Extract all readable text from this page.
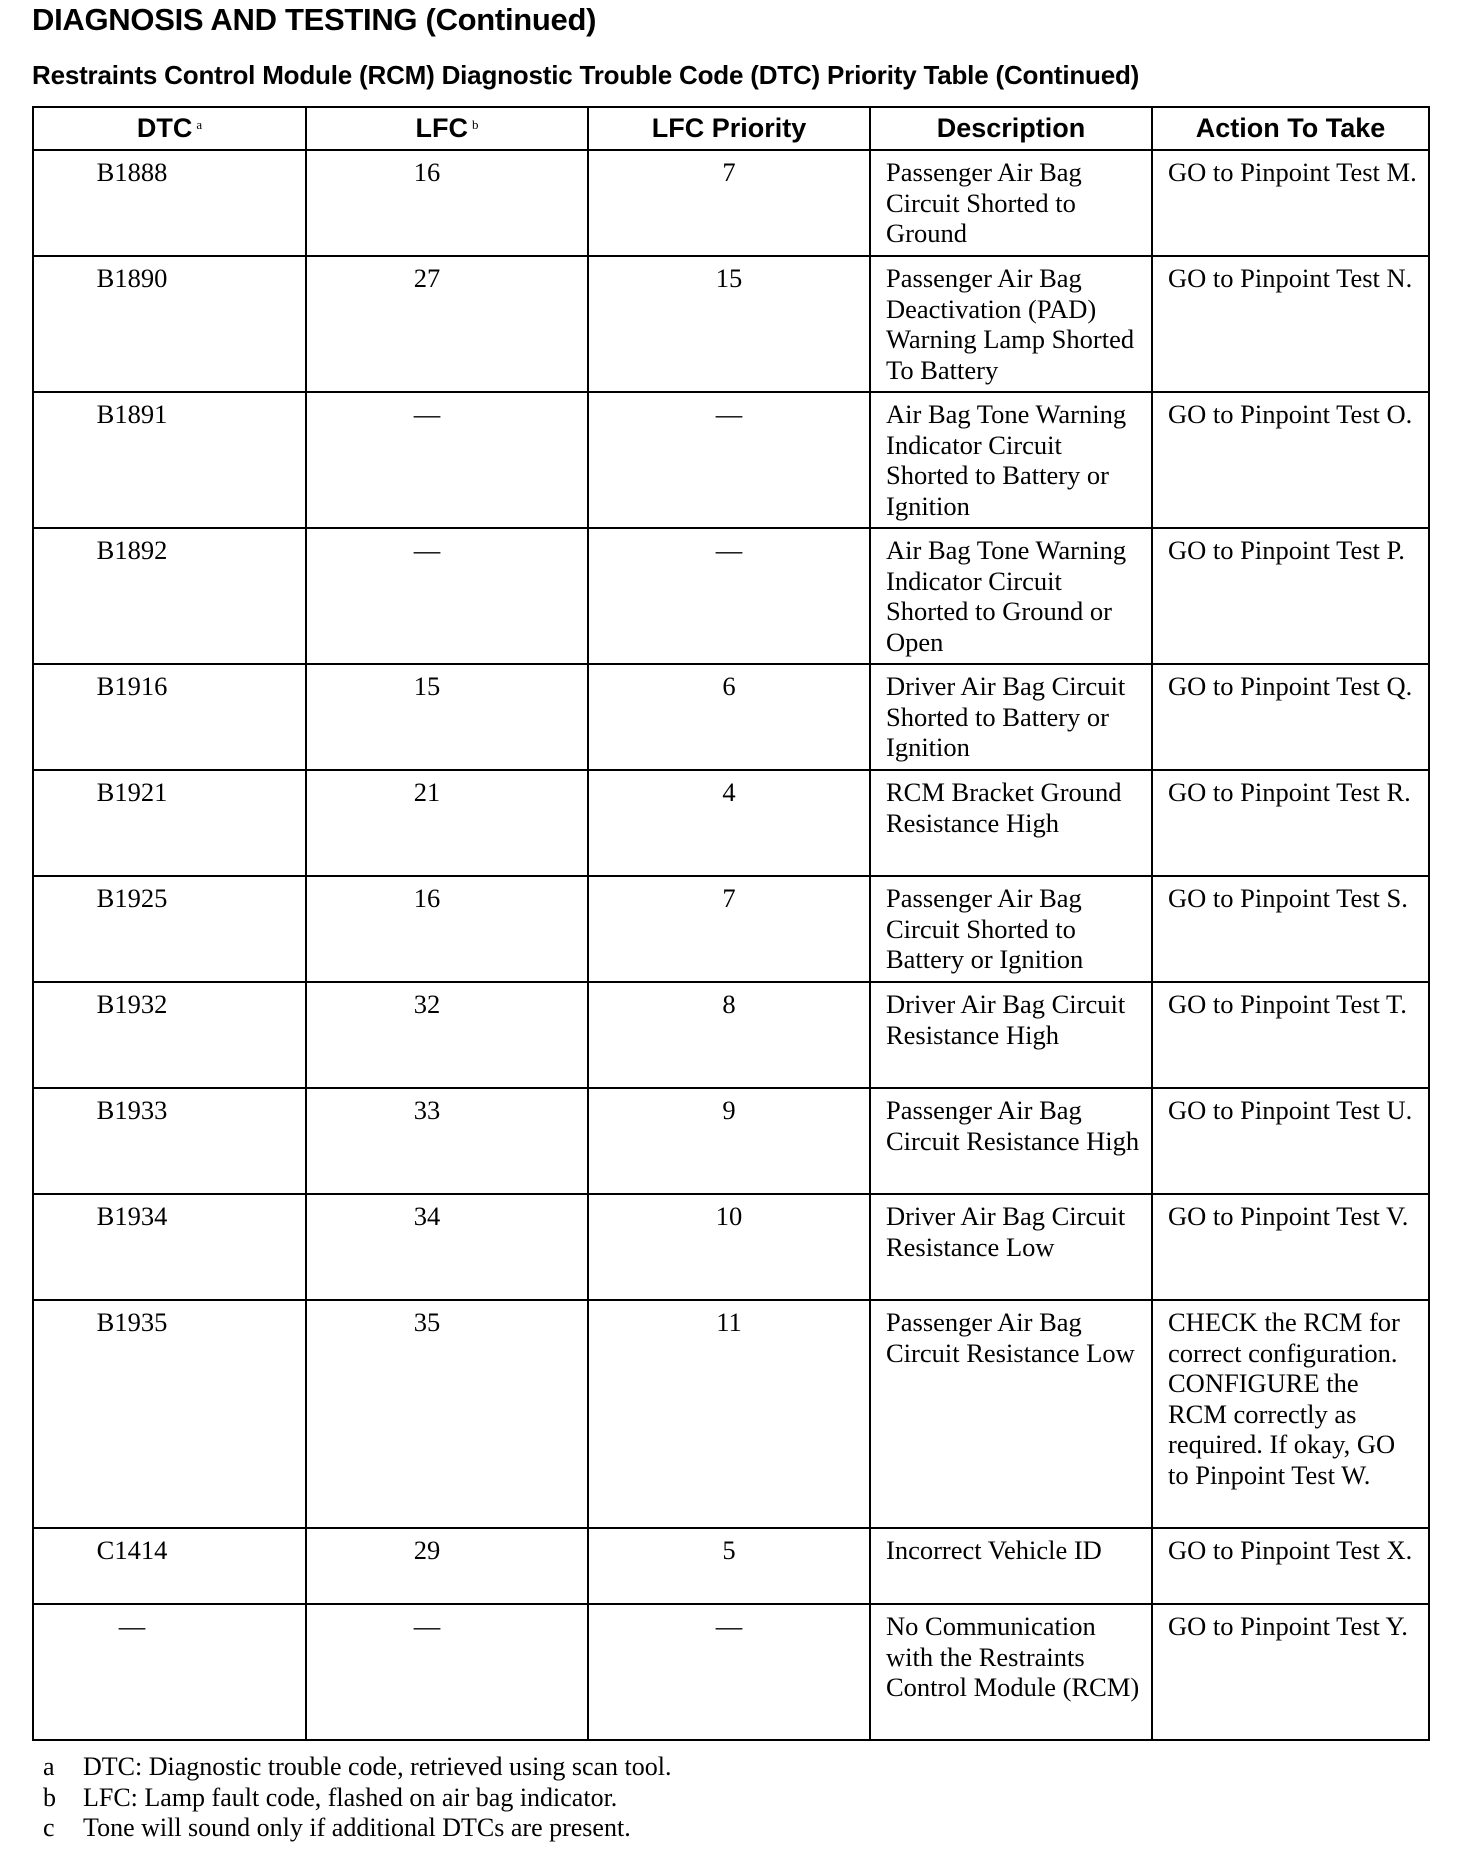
DIAGNOSIS AND TESTING (Continued)
Restraints Control Module (RCM) Diagnostic Trouble Code (DTC) Priority Table (Continued)
DTC $^a$	LFC $^b$	LFC Priority	Description	Action To Take
B1888	16	7	Passenger Air Bag Circuit Shorted to Ground	GO to Pinpoint Test M.
B1890	27	15	Passenger Air Bag Deactivation (PAD) Warning Lamp Shorted To Battery	GO to Pinpoint Test N.
B1891	—	—	Air Bag Tone Warning Indicator Circuit Shorted to Battery or Ignition	GO to Pinpoint Test O.
B1892	—	—	Air Bag Tone Warning Indicator Circuit Shorted to Ground or Open	GO to Pinpoint Test P.
B1916	15	6	Driver Air Bag Circuit Shorted to Battery or Ignition	GO to Pinpoint Test Q.
B1921	21	4	RCM Bracket Ground Resistance High	GO to Pinpoint Test R.
B1925	16	7	Passenger Air Bag Circuit Shorted to Battery or Ignition	GO to Pinpoint Test S.
B1932	32	8	Driver Air Bag Circuit Resistance High	GO to Pinpoint Test T.
B1933	33	9	Passenger Air Bag Circuit Resistance High	GO to Pinpoint Test U.
B1934	34	10	Driver Air Bag Circuit Resistance Low	GO to Pinpoint Test V.
B1935	35	11	Passenger Air Bag Circuit Resistance Low	CHECK the RCM for correct configuration. CONFIGURE the RCM correctly as required. If okay, GO to Pinpoint Test W.
C1414	29	5	Incorrect Vehicle ID	GO to Pinpoint Test X.
—	—	—	No Communication with the Restraints Control Module (RCM)	GO to Pinpoint Test Y.
a	DTC: Diagnostic trouble code, retrieved using scan tool.
b	LFC: Lamp fault code, flashed on air bag indicator.
c	Tone will sound only if additional DTCs are present.
